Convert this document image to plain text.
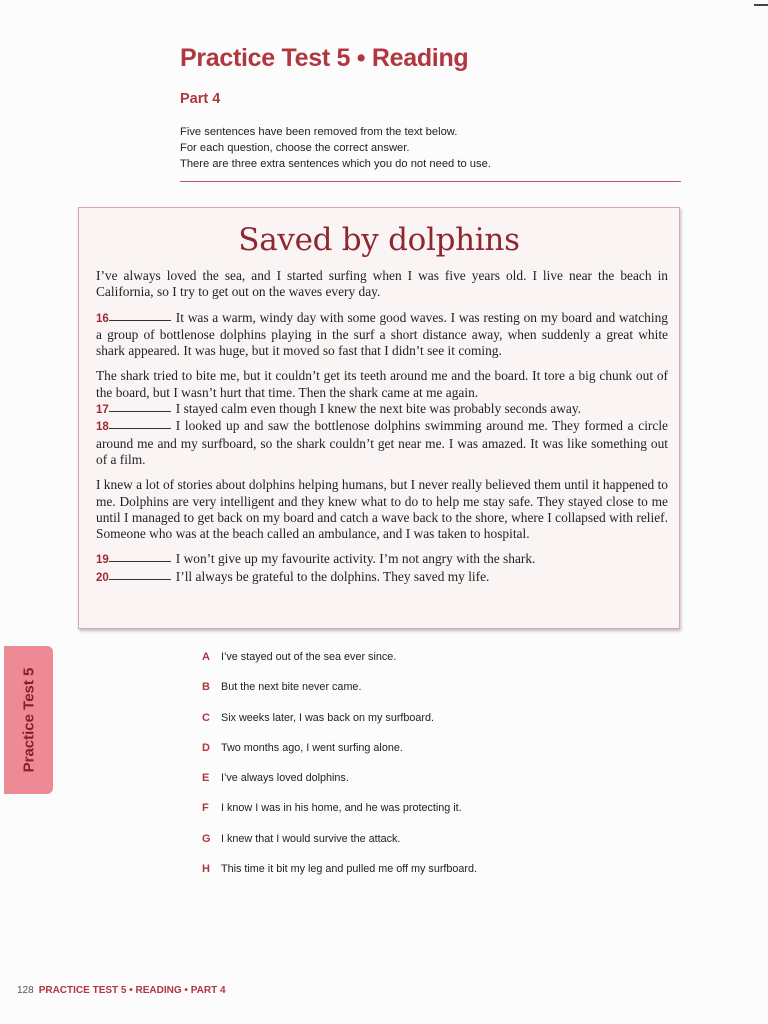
Practice Test 5 • Reading
Part 4
Five sentences have been removed from the text below.
For each question, choose the correct answer.
There are three extra sentences which you do not need to use.
Saved by dolphins

I’ve always loved the sea, and I started surfing when I was five years old. I live near the beach in California, so I try to get out on the waves every day.

16	It was a warm, windy day with some good waves. I was resting on my board and watching a group of bottlenose dolphins playing in the surf a short distance away, when suddenly a great white shark appeared. It was huge, but it moved so fast that I didn’t see it coming.

The shark tried to bite me, but it couldn’t get its teeth around me and the board. It tore a big chunk out of the board, but I wasn’t hurt that time. Then the shark came at me again.
17	I stayed calm even though I knew the next bite was probably seconds away.
18	I looked up and saw the bottlenose dolphins swimming around me. They formed a circle around me and my surfboard, so the shark couldn’t get near me. I was amazed. It was like something out of a film.

I knew a lot of stories about dolphins helping humans, but I never really believed them until it happened to me. Dolphins are very intelligent and they knew what to do to help me stay safe. They stayed close to me until I managed to get back on my board and catch a wave back to the shore, where I collapsed with relief. Someone who was at the beach called an ambulance, and I was taken to hospital.

19	I won’t give up my favourite activity. I’m not angry with the shark.
20	I’ll always be grateful to the dolphins. They saved my life.

Practice Test 5
A I’ve stayed out of the sea ever since.
B But the next bite never came.
C Six weeks later, I was back on my surfboard.
D Two months ago, I went surfing alone.
E I’ve always loved dolphins.
F I know I was in his home, and he was protecting it.
G I knew that I would survive the attack.
H This time it bit my leg and pulled me off my surfboard.
128 PRACTICE TEST 5 • READING • PART 4
